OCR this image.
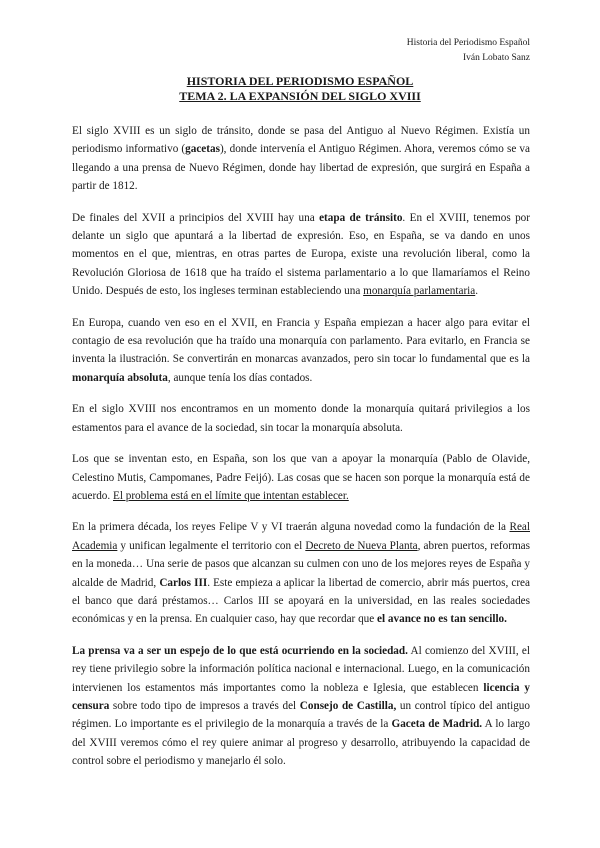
Historia del Periodismo Español
Iván Lobato Sanz
HISTORIA DEL PERIODISMO ESPAÑOL
TEMA 2. LA EXPANSIÓN DEL SIGLO XVIII

El siglo XVIII es un siglo de tránsito, donde se pasa del Antiguo al Nuevo Régimen. Existía un periodismo informativo (gacetas), donde intervenía el Antiguo Régimen. Ahora, veremos cómo se va llegando a una prensa de Nuevo Régimen, donde hay libertad de expresión, que surgirá en España a partir de 1812.

De finales del XVII a principios del XVIII hay una etapa de tránsito. En el XVIII, tenemos por delante un siglo que apuntará a la libertad de expresión. Eso, en España, se va dando en unos momentos en el que, mientras, en otras partes de Europa, existe una revolución liberal, como la Revolución Gloriosa de 1618 que ha traído el sistema parlamentario a lo que llamaríamos el Reino Unido. Después de esto, los ingleses terminan estableciendo una monarquía parlamentaria.

En Europa, cuando ven eso en el XVII, en Francia y España empiezan a hacer algo para evitar el contagio de esa revolución que ha traído una monarquía con parlamento. Para evitarlo, en Francia se inventa la ilustración. Se convertirán en monarcas avanzados, pero sin tocar lo fundamental que es la monarquía absoluta, aunque tenía los días contados.

En el siglo XVIII nos encontramos en un momento donde la monarquía quitará privilegios a los estamentos para el avance de la sociedad, sin tocar la monarquía absoluta.

Los que se inventan esto, en España, son los que van a apoyar la monarquía (Pablo de Olavide, Celestino Mutis, Campomanes, Padre Feijó). Las cosas que se hacen son porque la monarquía está de acuerdo. El problema está en el límite que intentan establecer.

En la primera década, los reyes Felipe V y VI traerán alguna novedad como la fundación de la Real Academia y unifican legalmente el territorio con el Decreto de Nueva Planta, abren puertos, reformas en la moneda… Una serie de pasos que alcanzan su culmen con uno de los mejores reyes de España y alcalde de Madrid, Carlos III. Este empieza a aplicar la libertad de comercio, abrir más puertos, crea el banco que dará préstamos… Carlos III se apoyará en la universidad, en las reales sociedades económicas y en la prensa. En cualquier caso, hay que recordar que el avance no es tan sencillo.

La prensa va a ser un espejo de lo que está ocurriendo en la sociedad. Al comienzo del XVIII, el rey tiene privilegio sobre la información política nacional e internacional. Luego, en la comunicación intervienen los estamentos más importantes como la nobleza e Iglesia, que establecen licencia y censura sobre todo tipo de impresos a través del Consejo de Castilla, un control típico del antiguo régimen. Lo importante es el privilegio de la monarquía a través de la Gaceta de Madrid. A lo largo del XVIII veremos cómo el rey quiere animar al progreso y desarrollo, atribuyendo la capacidad de control sobre el periodismo y manejarlo él solo.
